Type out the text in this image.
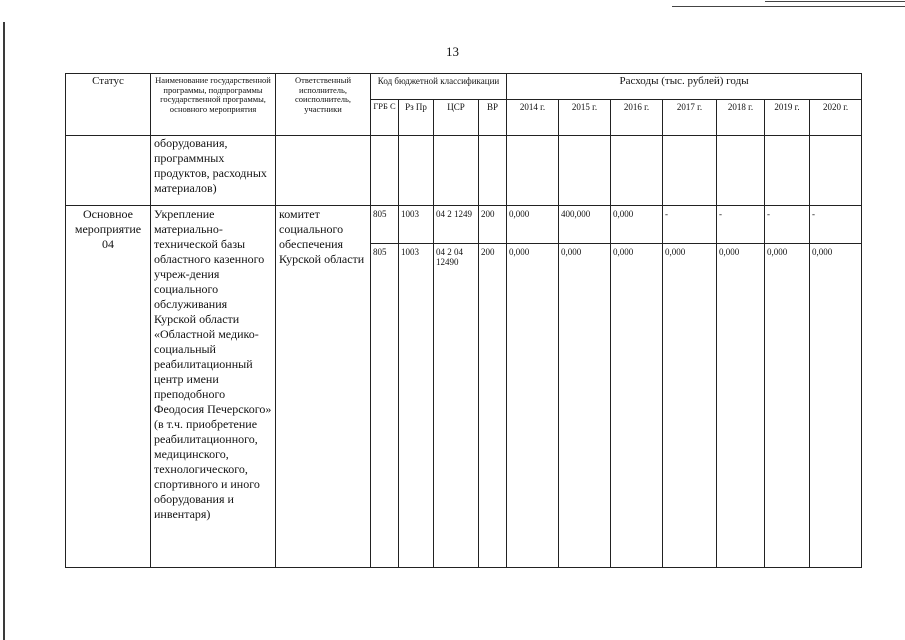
13
Статус	Наименование государственной программы, подпрограммы государственной программы, основного мероприятия	Ответственный исполнитель, соисполнитель, участники	Код бюджетной классификации				Расходы (тыс. рублей) годы						
			ГРБ С	Рз Пр	ЦСР	ВР	2014 г.	2015 г.	2016 г.	2017 г.	2018 г.	2019 г.	2020 г.
	оборудования, программных продуктов, расходных материалов)												
Основное мероприятие 04	Укрепление материально-технической базы областного казенного учреж-дения социального обслуживания Курской области «Областной медико-социальный реабилитационный центр имени преподобного Феодосия Печерского» (в т.ч. приобретение реабилитационного, медицинского, технологического, спортивного и иного оборудования и инвентаря)	комитет социального обеспечения Курской области	805	1003	04 2 1249	200	0,000	400,000	0,000	-	-	-	-
			805	1003	04 2 04 12490	200	0,000	0,000	0,000	0,000	0,000	0,000	0,000
